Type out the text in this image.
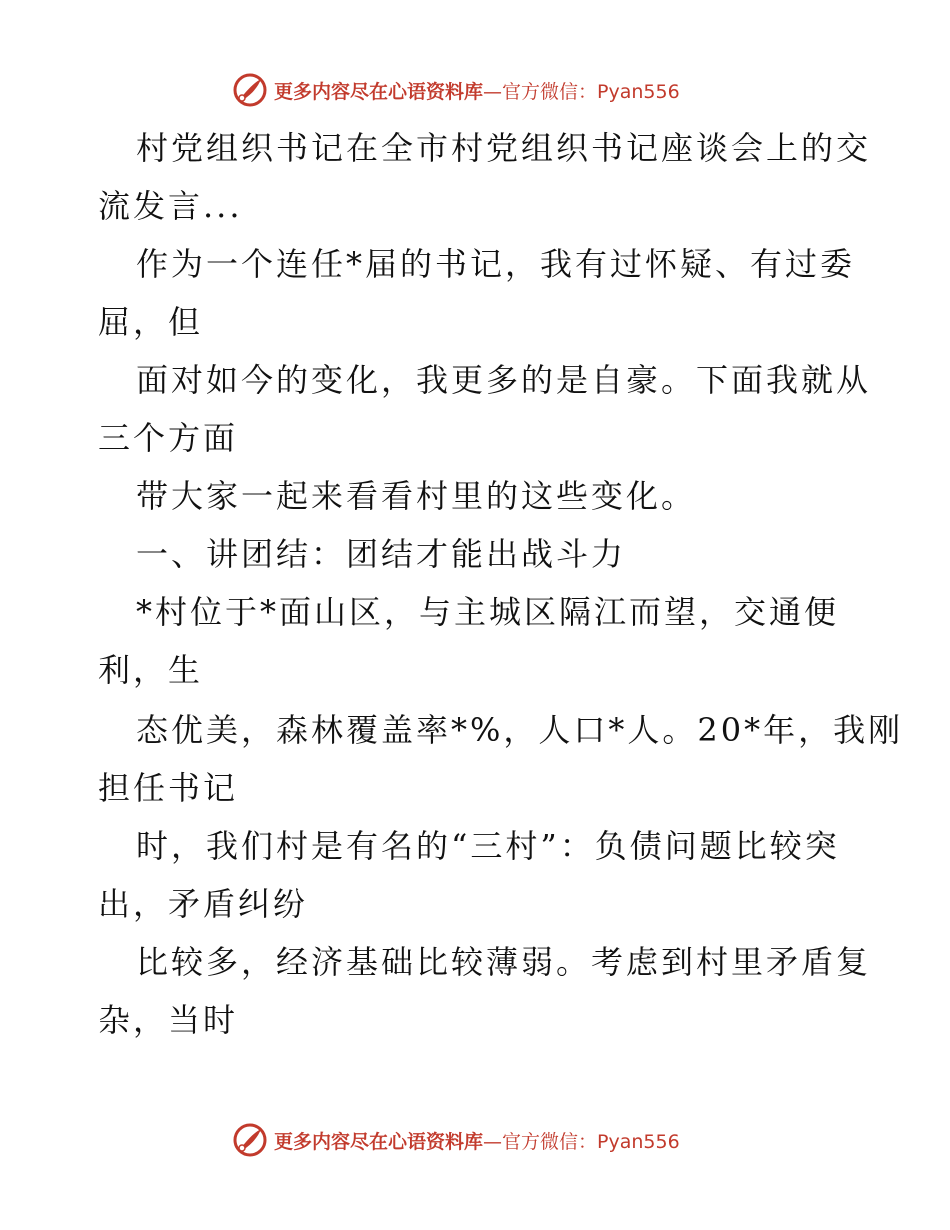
更多内容尽在心语资料库 —官方微信：Pyan556
村党组织书记在全市村党组织书记座谈会上的交
流发言...
作为一个连任*届的书记，我有过怀疑、有过委
屈，但
面对如今的变化，我更多的是自豪。下面我就从
三个方面
带大家一起来看看村里的这些变化。
一、讲团结：团结才能出战斗力
*村位于*面山区，与主城区隔江而望，交通便
利，生
态优美，森林覆盖率*%，人口*人。20*年，我刚
担任书记
时，我们村是有名的“三村”：负债问题比较突
出，矛盾纠纷
比较多，经济基础比较薄弱。考虑到村里矛盾复
杂，当时
更多内容尽在心语资料库 —官方微信：Pyan556
